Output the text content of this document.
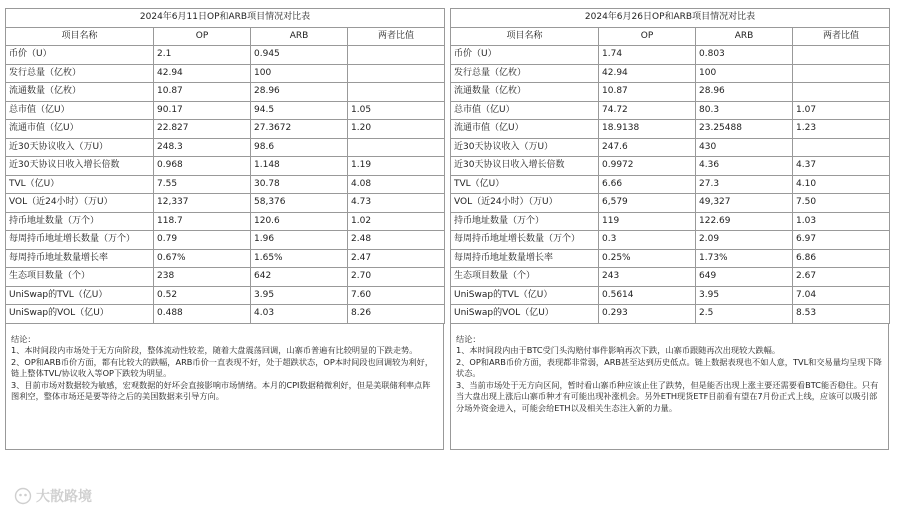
2024年6月11日OP和ARB项目情况对比表			
项目名称	OP	ARB	两者比值
币价（U）	2.1	0.945	
发行总量（亿枚）	42.94	100	
流通数量（亿枚）	10.87	28.96	
总市值（亿U）	90.17	94.5	1.05
流通市值（亿U）	22.827	27.3672	1.20
近30天协议收入（万U）	248.3	98.6	
近30天协议日收入增长倍数	0.968	1.148	1.19
TVL（亿U）	7.55	30.78	4.08
VOL（近24小时）（万U）	12,337	58,376	4.73
持币地址数量（万个）	118.7	120.6	1.02
每周持币地址增长数量（万个）	0.79	1.96	2.48
每周持币地址数量增长率	0.67%	1.65%	2.47
生态项目数量（个）	238	642	2.70
UniSwap的TVL（亿U）	0.52	3.95	7.60
UniSwap的VOL（亿U）	0.488	4.03	8.26

结论：

1、本时间段内市场处于无方向阶段，整体流动性较差，随着大盘震荡回调，山寨币普遍有比较明显的下跌走势。

2、OP和ARB币价方面，都有比较大的跌幅，ARB币价一直表现不好，处于超跌状态，OP本时间段也回调较为利好，链上整体TVL/协议收入等OP下跌较为明显。

3、目前市场对数据较为敏感，宏观数据的好坏会直接影响市场情绪。本月的CPI数据稍微利好，但是美联储利率点阵图利空，整体市场还是要等待之后的美国数据来引导方向。

2024年6月26日OP和ARB项目情况对比表			
项目名称	OP	ARB	两者比值
币价（U）	1.74	0.803	
发行总量（亿枚）	42.94	100	
流通数量（亿枚）	10.87	28.96	
总市值（亿U）	74.72	80.3	1.07
流通市值（亿U）	18.9138	23.25488	1.23
近30天协议收入（万U）	247.6	430	
近30天协议日收入增长倍数	0.9972	4.36	4.37
TVL（亿U）	6.66	27.3	4.10
VOL（近24小时）（万U）	6,579	49,327	7.50
持币地址数量（万个）	119	122.69	1.03
每周持币地址增长数量（万个）	0.3	2.09	6.97
每周持币地址数量增长率	0.25%	1.73%	6.86
生态项目数量（个）	243	649	2.67
UniSwap的TVL（亿U）	0.5614	3.95	7.04
UniSwap的VOL（亿U）	0.293	2.5	8.53

结论：

1、本时间段内由于BTC受门头沟赔付事件影响再次下跌，山寨币跟随再次出现较大跌幅。

2、OP和ARB币价方面，表现都非常弱，ARB甚至达到历史低点。链上数据表现也不如人意，TVL和交易量均呈现下降状态。

3、当前市场处于无方向区间，暂时看山寨币种应该止住了跌势，但是能否出现上涨主要还需要看BTC能否稳住。只有当大盘出现上涨后山寨币种才有可能出现补涨机会。另外ETH现货ETF目前看有望在7月份正式上线，应该可以吸引部分场外资金进入，可能会给ETH以及相关生态注入新的力量。

大散路境
